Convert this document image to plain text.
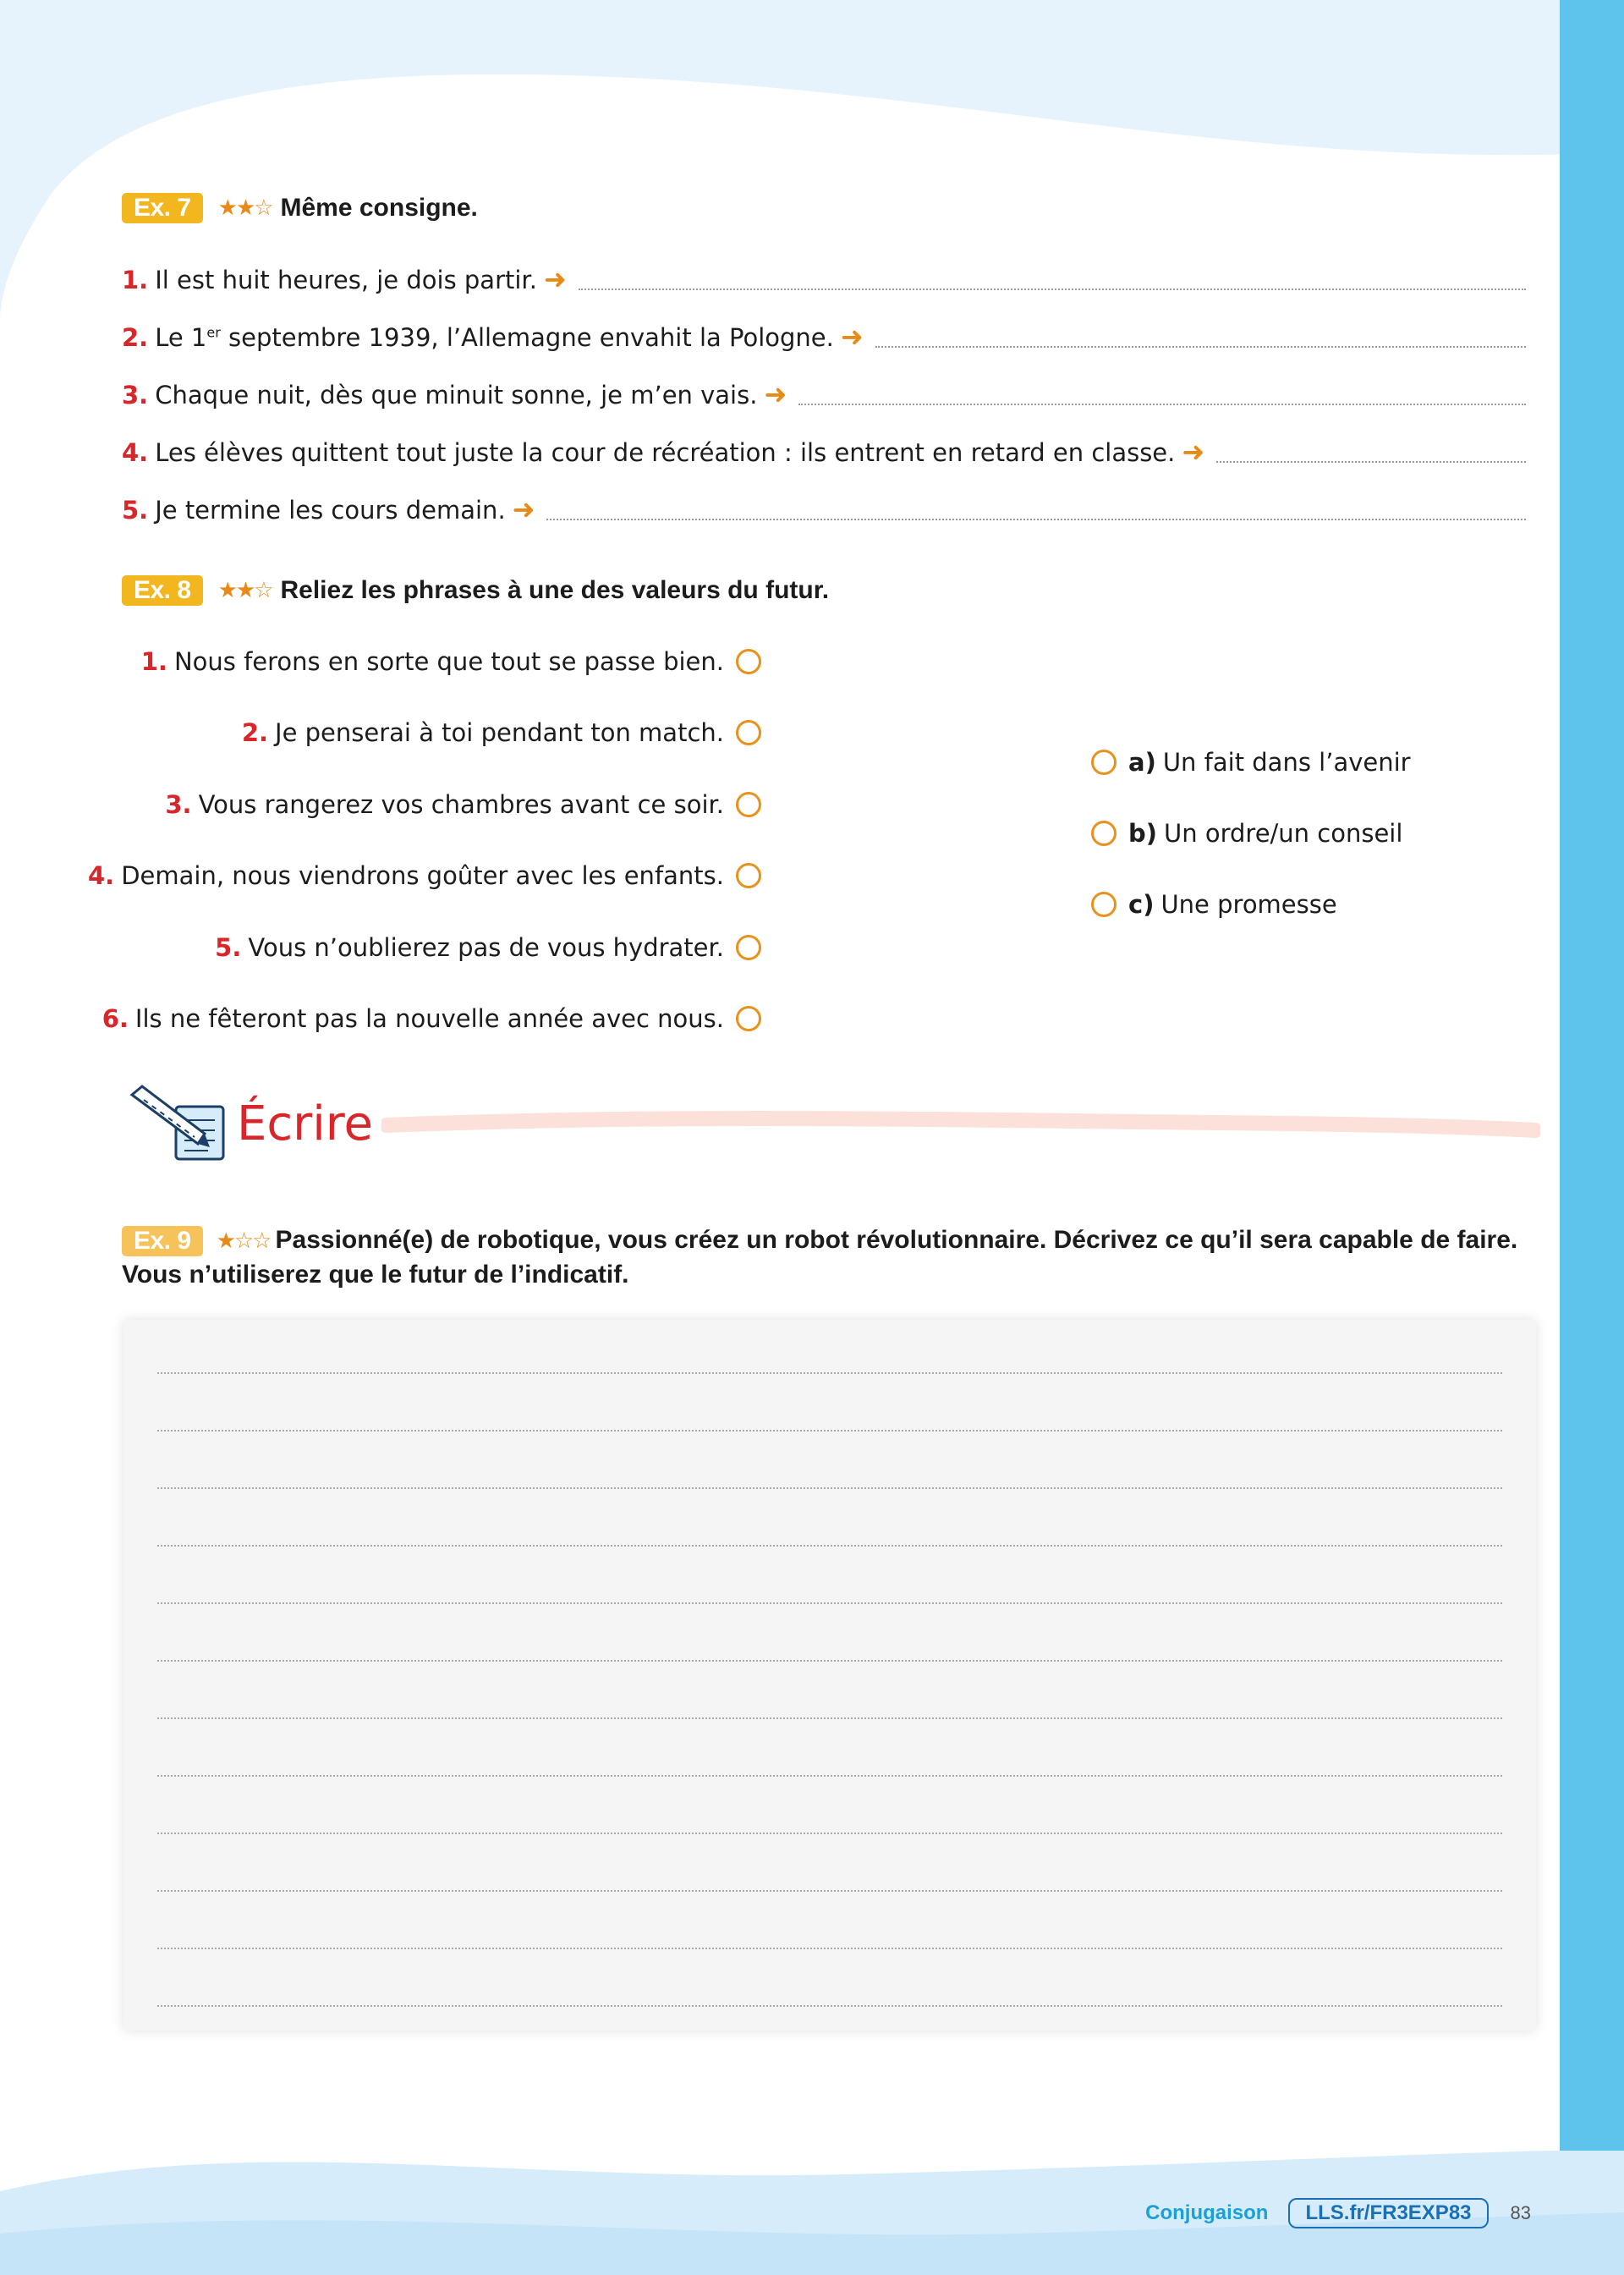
Ex. 7	★★☆ Même consigne.
1. Il est huit heures, je dois partir. ➜
2. Le 1er septembre 1939, l’Allemagne envahit la Pologne. ➜
3. Chaque nuit, dès que minuit sonne, je m’en vais. ➜
4. Les élèves quittent tout juste la cour de récréation : ils entrent en retard en classe. ➜
5. Je termine les cours demain. ➜
Ex. 8	★★☆ Reliez les phrases à une des valeurs du futur.
1. Nous ferons en sorte que tout se passe bien.
2. Je penserai à toi pendant ton match.
3. Vous rangerez vos chambres avant ce soir.
4. Demain, nous viendrons goûter avec les enfants.
5. Vous n’oublierez pas de vous hydrater.
6. Ils ne fêteront pas la nouvelle année avec nous.
a) Un fait dans l’avenir
b) Un ordre/un conseil
c) Une promesse
Écrire
Ex. 9 ★☆☆ Passionné(e) de robotique, vous créez un robot révolutionnaire. Décrivez ce qu’il sera capable de faire. Vous n’utiliserez que le futur de l’indicatif.
Conjugaison	LLS.fr/FR3EXP83	83
